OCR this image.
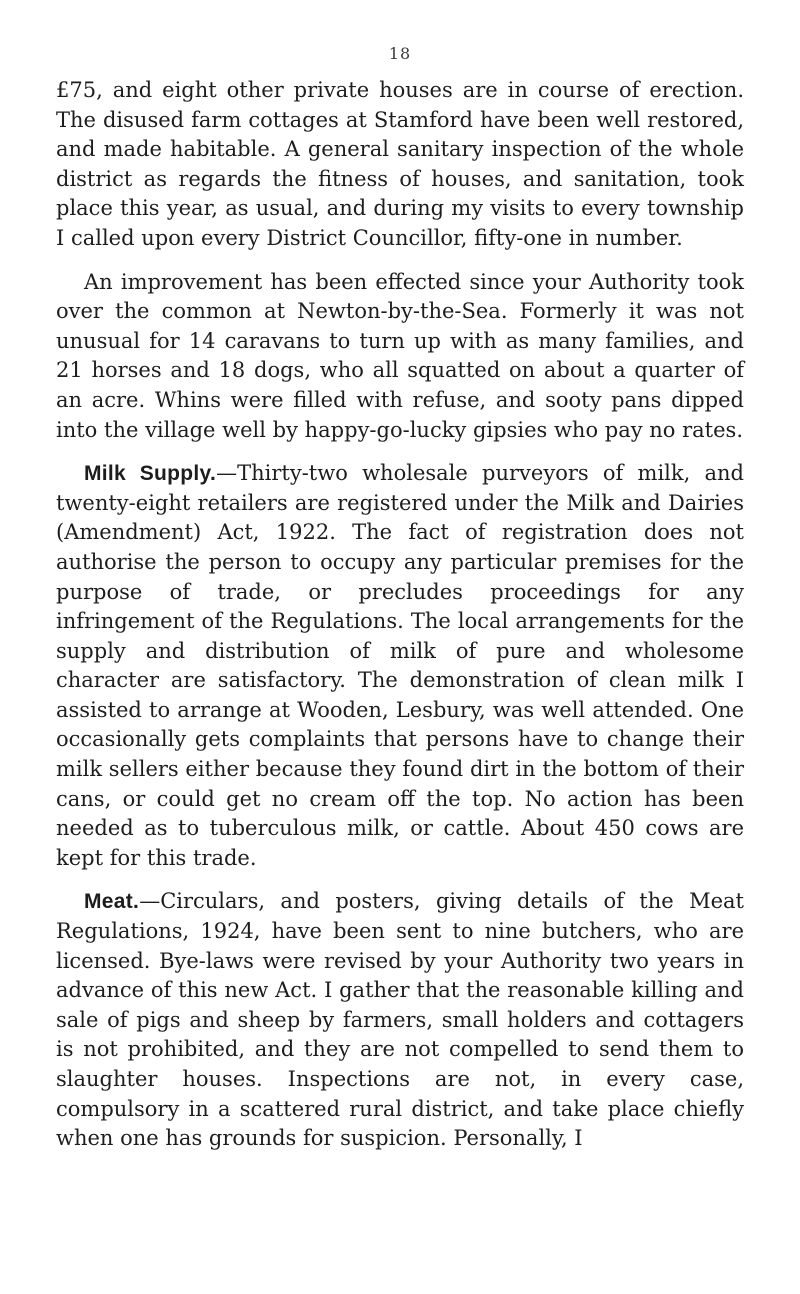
18

£75, and eight other private houses are in course of erection. The disused farm cottages at Stamford have been well restored, and made habitable. A general sanitary inspection of the whole district as regards the fitness of houses, and sanitation, took place this year, as usual, and during my visits to every township I called upon every District Councillor, fifty-one in number.

An improvement has been effected since your Authority took over the common at Newton-by-the-Sea. Formerly it was not unusual for 14 caravans to turn up with as many families, and 21 horses and 18 dogs, who all squatted on about a quarter of an acre. Whins were filled with refuse, and sooty pans dipped into the village well by happy-go-lucky gipsies who pay no rates.

Milk Supply.—Thirty-two wholesale purveyors of milk, and twenty-eight retailers are registered under the Milk and Dairies (Amendment) Act, 1922. The fact of registration does not authorise the person to occupy any particular premises for the purpose of trade, or precludes proceedings for any infringement of the Regulations. The local arrangements for the supply and distribution of milk of pure and wholesome character are satisfactory. The demonstration of clean milk I assisted to arrange at Wooden, Lesbury, was well attended. One occasionally gets complaints that persons have to change their milk sellers either because they found dirt in the bottom of their cans, or could get no cream off the top. No action has been needed as to tuberculous milk, or cattle. About 450 cows are kept for this trade.

Meat.—Circulars, and posters, giving details of the Meat Regulations, 1924, have been sent to nine butchers, who are licensed. Bye-laws were revised by your Authority two years in advance of this new Act. I gather that the reasonable killing and sale of pigs and sheep by farmers, small holders and cottagers is not prohibited, and they are not compelled to send them to slaughter houses. Inspections are not, in every case, compulsory in a scattered rural district, and take place chiefly when one has grounds for suspicion. Personally, I
